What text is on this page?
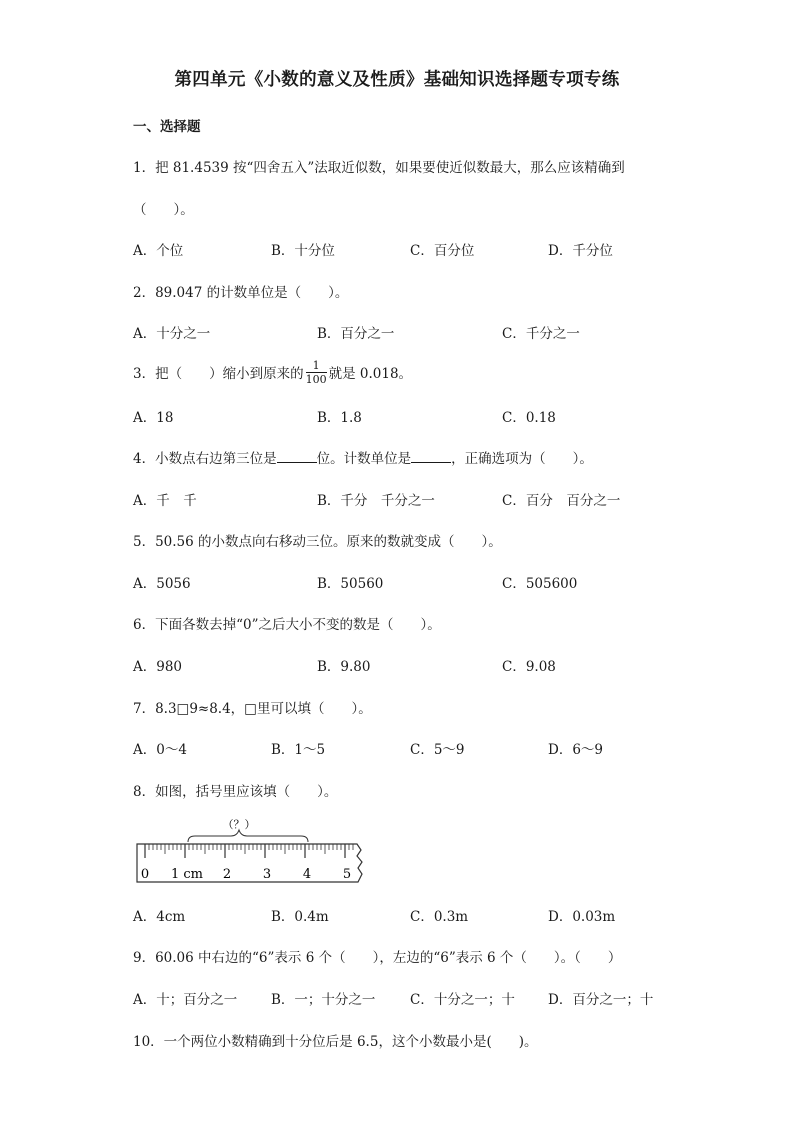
第四单元《小数的意义及性质》基础知识选择题专项专练
一、选择题
1．把 81.4539 按“四舍五入”法取近似数，如果要使近似数最大，那么应该精确到
（　　）。
A．个位	B．十分位	C．百分位	D．千分位
2．89.047 的计数单位是（　　）。
A．十分之一	B．百分之一	C．千分之一
3．把（　　）缩小到原来的 $\frac{1}{100}$ 就是 0.018。
A．18	B．1.8	C．0.18
4．小数点右边第三位是	位。计数单位是	，正确选项为（　　）。
A．千　千	B．千分　千分之一	C．百分　百分之一
5．50.56 的小数点向右移动三位。原来的数就变成（　　）。
A．5056	B．50560	C．505600
6．下面各数去掉“0”之后大小不变的数是（　　）。
A．980	B．9.80	C．9.08
7．8.3□9≈8.4，□里可以填（　　）。
A．0～4	B．1～5	C．5～9	D．6～9
8．如图，括号里应该填（　　）。
（？）
0 1 cm 2 3 4 5
A．4cm	B．0.4m	C．0.3m	D．0.03m
9．60.06 中右边的“6”表示 6 个（　　），左边的“6”表示 6 个（　　）。（　　）
A．十；百分之一	B．一；十分之一	C．十分之一；十 D．百分之一；十
10．一个两位小数精确到十分位后是 6.5，这个小数最小是(　　)。
